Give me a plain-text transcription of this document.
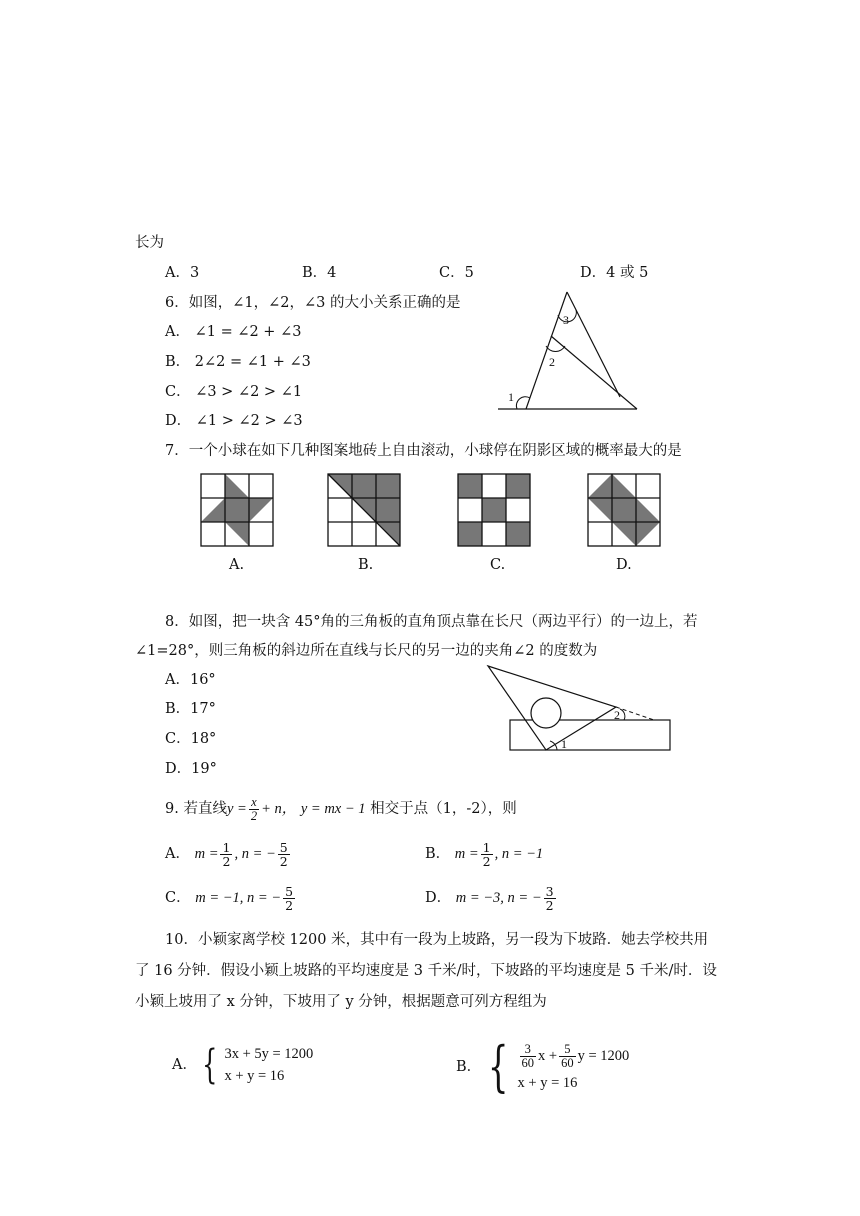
长为
A．3	B．4	C．5	D．4 或 5
6．如图，∠1，∠2，∠3 的大小关系正确的是
A． ∠1 = ∠2 + ∠3
B． 2∠2 = ∠1 + ∠3
C． ∠3 > ∠2 > ∠1
D． ∠1 > ∠2 > ∠3
1
2
3
7．一个小球在如下几种图案地砖上自由滚动，小球停在阴影区域的概率最大的是
A.	B.	C.	D.
8．如图，把一块含 45°角的三角板的直角顶点靠在长尺（两边平行）的一边上，若
∠1=28°，则三角板的斜边所在直线与长尺的另一边的夹角∠2 的度数为
A．16°
B．17°
C．18°
D．19°
1
2
9. 若直线$y = \frac{x}{2} + n$， y = mx − 1 相交于点（1，-2），则
A． $m = \frac{1}{2}$ , n = − $\frac{5}{2}$	B． $m = \frac{1}{2}$ , n = −1
C． m = −1, n = − $\frac{5}{2}$	D． m = −3, n = − $\frac{3}{2}$
10．小颖家离学校 1200 米，其中有一段为上坡路，另一段为下坡路．她去学校共用
了 16 分钟．假设小颖上坡路的平均速度是 3 千米/时，下坡路的平均速度是 5 千米/时．设
小颖上坡用了 x 分钟，下坡用了 y 分钟，根据题意可列方程组为
A． { 3x + 5y = 1200
x + y = 16
B． { $\frac{3}{60}$ $x + \frac{5}{60}$ y = 1200
x + y = 16
